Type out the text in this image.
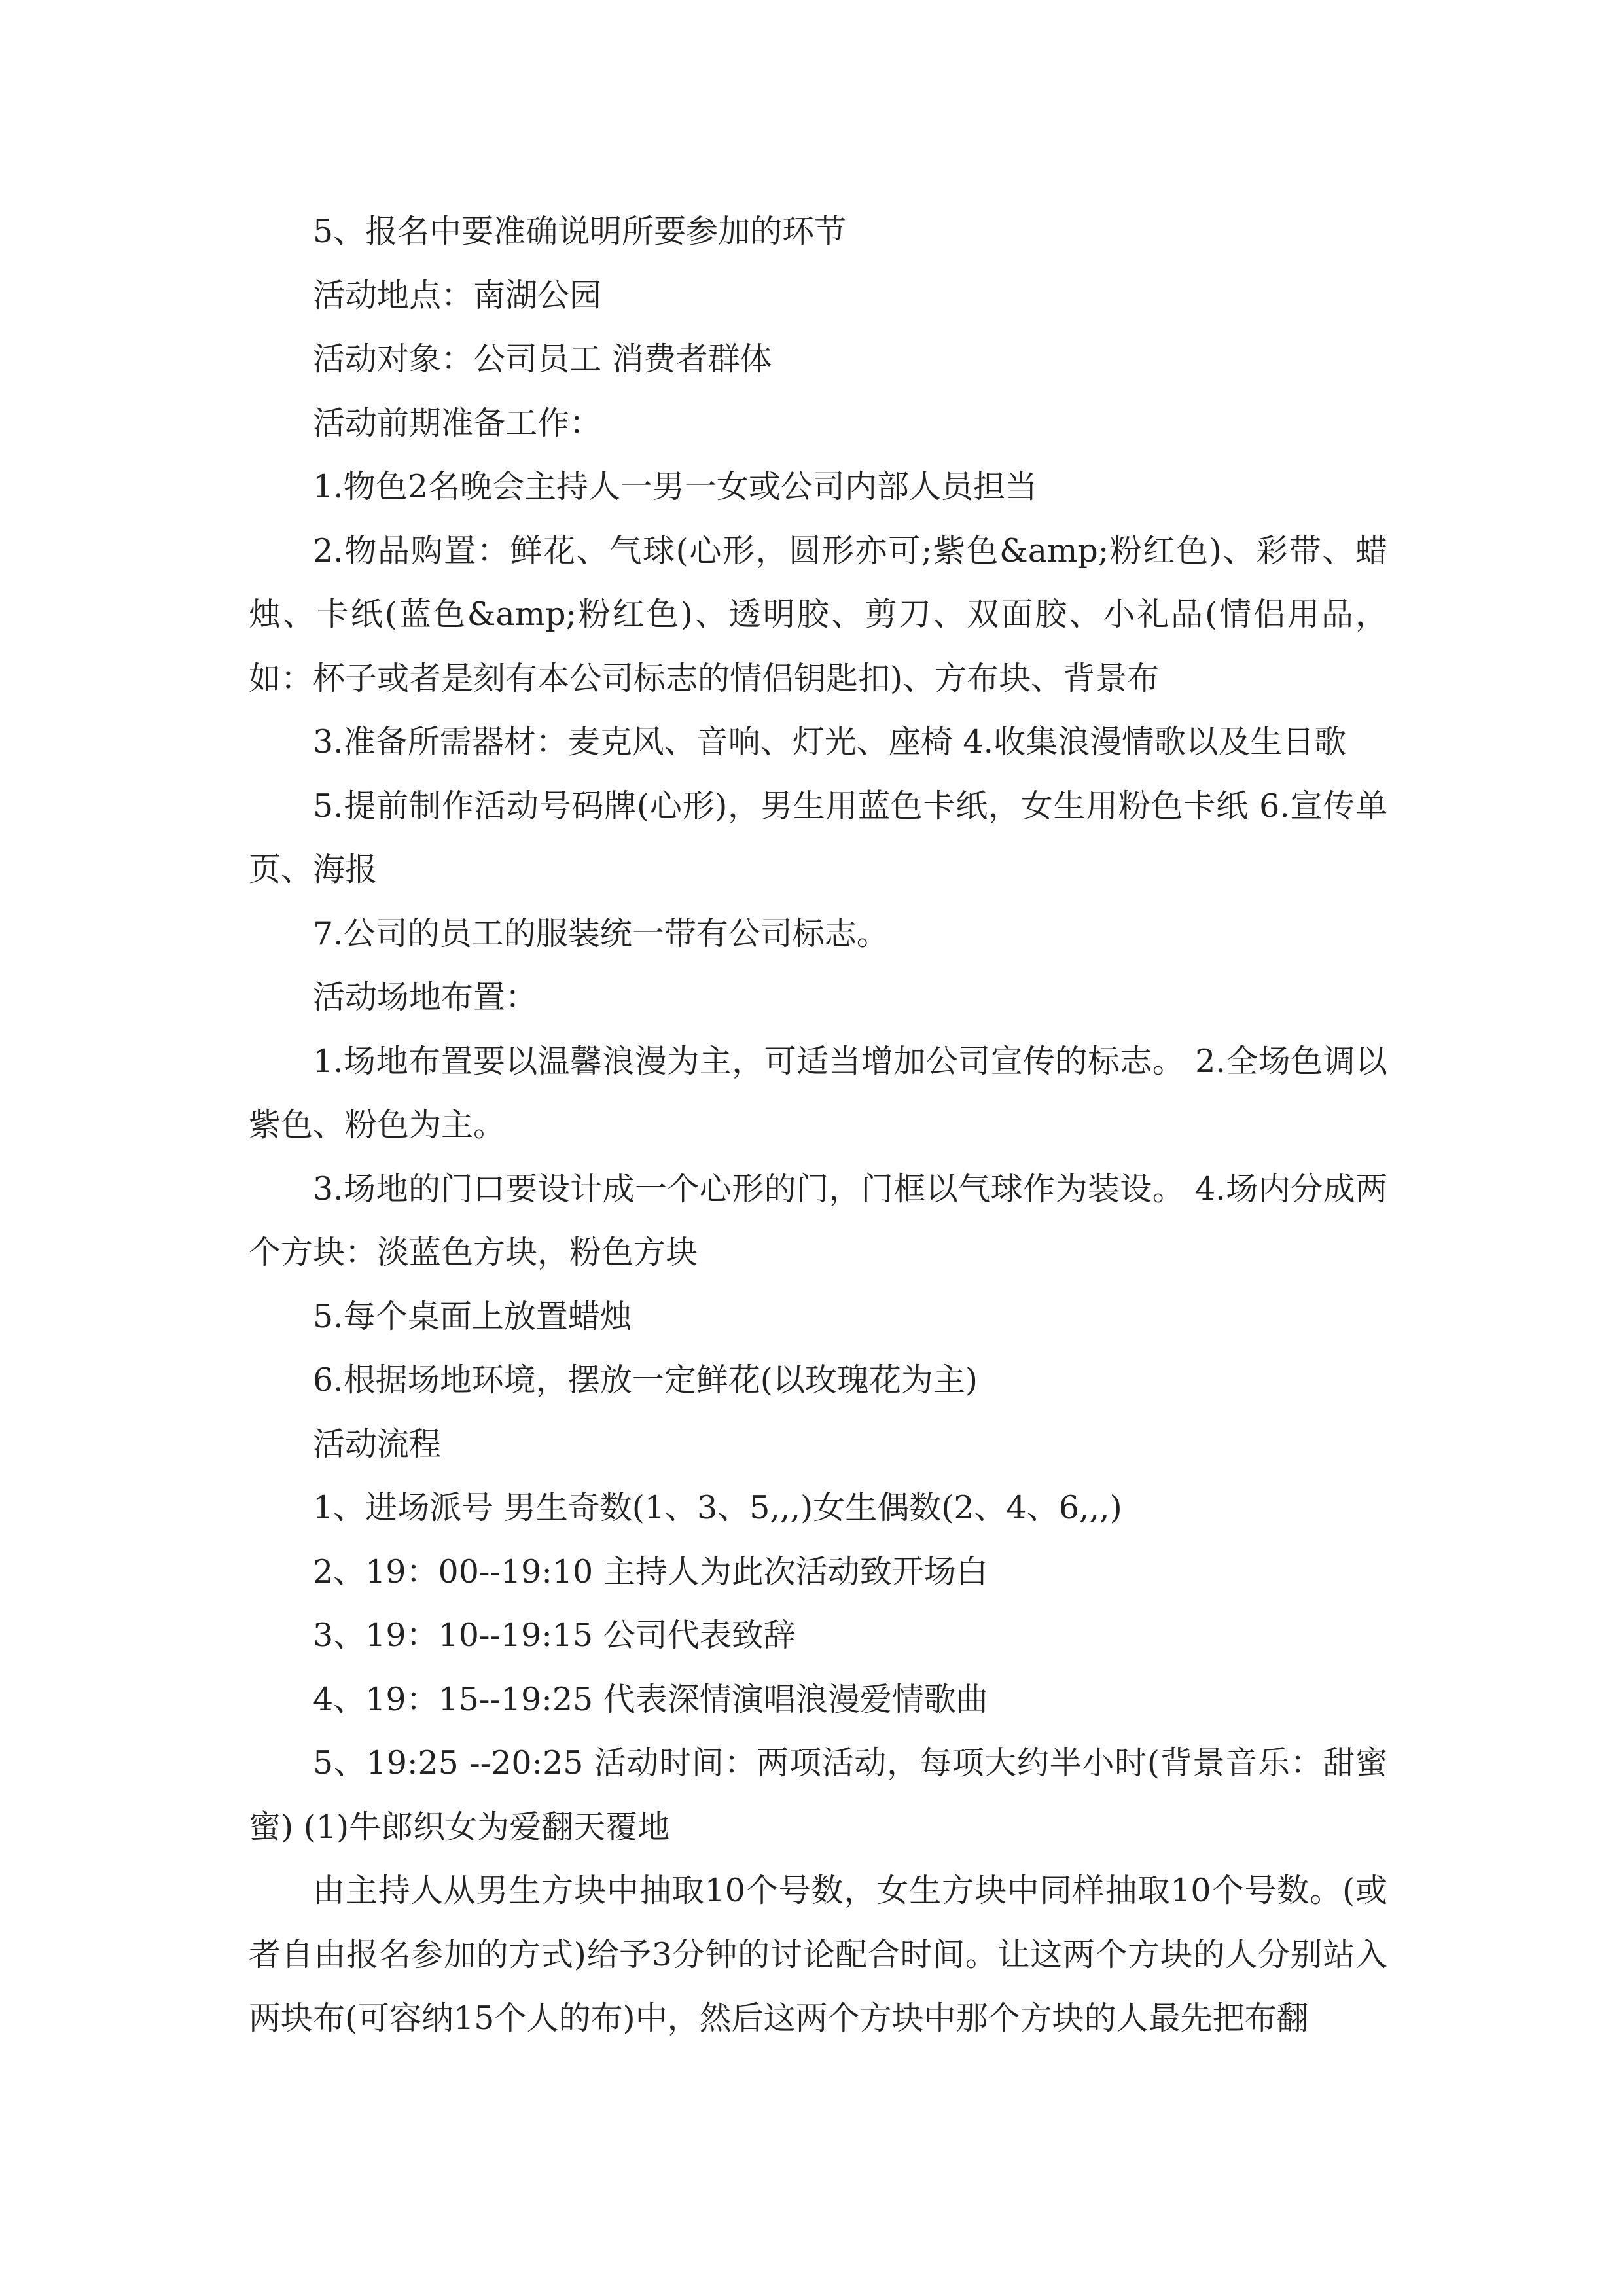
5、报名中要准确说明所要参加的环节

活动地点：南湖公园

活动对象：公司员工 消费者群体

活动前期准备工作：

1.物色2名晚会主持人一男一女或公司内部人员担当

2.物品购置：鲜花、气球(心形，圆形亦可;紫色&amp;粉红色)、彩带、蜡烛、卡纸(蓝色&amp;粉红色)、透明胶、剪刀、双面胶、小礼品(情侣用品，如：杯子或者是刻有本公司标志的情侣钥匙扣)、方布块、背景布

3.准备所需器材：麦克风、音响、灯光、座椅 4.收集浪漫情歌以及生日歌

5.提前制作活动号码牌(心形)，男生用蓝色卡纸，女生用粉色卡纸 6.宣传单页、海报

7.公司的员工的服装统一带有公司标志。

活动场地布置：

1.场地布置要以温馨浪漫为主，可适当增加公司宣传的标志。 2.全场色调以紫色、粉色为主。

3.场地的门口要设计成一个心形的门，门框以气球作为装设。 4.场内分成两个方块：淡蓝色方块，粉色方块

5.每个桌面上放置蜡烛

6.根据场地环境，摆放一定鲜花(以玫瑰花为主)

活动流程

1、进场派号 男生奇数(1、3、5,,,)女生偶数(2、4、6,,,)

2、19：00--19:10 主持人为此次活动致开场白

3、19：10--19:15 公司代表致辞

4、19：15--19:25 代表深情演唱浪漫爱情歌曲

5、19:25 --20:25 活动时间：两项活动，每项大约半小时(背景音乐：甜蜜蜜) (1)牛郎织女为爱翻天覆地

由主持人从男生方块中抽取10个号数，女生方块中同样抽取10个号数。(或者自由报名参加的方式)给予3分钟的讨论配合时间。让这两个方块的人分别站入两块布(可容纳15个人的布)中，然后这两个方块中那个方块的人最先把布翻
